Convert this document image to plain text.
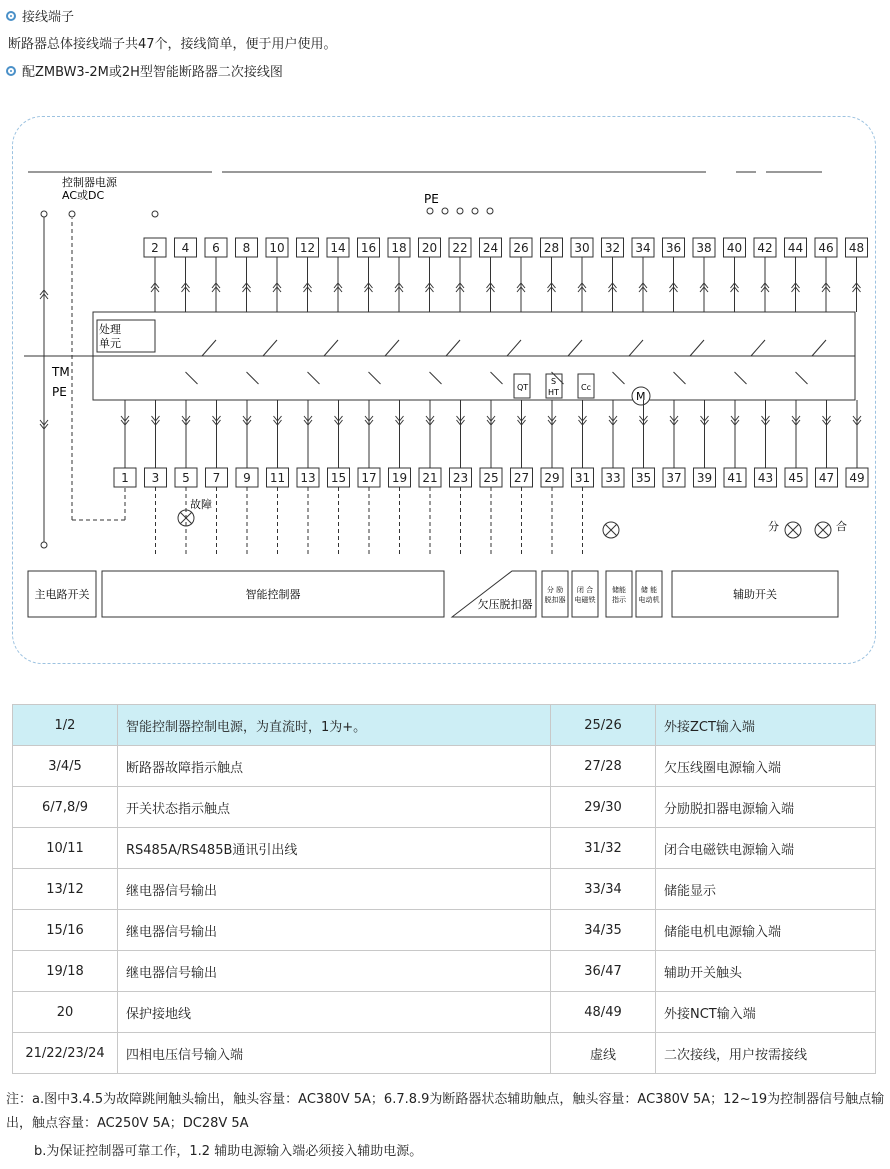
接线端子
断路器总体接线端子共47个，接线简单，便于用户使用。
配ZMBW3-2M或2H型智能断路器二次接线图
2 4 6 8 10 12 14 16 18 20 22 24 26 28 30 32 34 36 38 40 42 44 46 48
1 3 5 7 9 11 13 15 17 19 21 23 25 27 29 31 33 35 37 39 41 43 45 47 49
控制器电源
AC或DC	PE
处理
单元
TM
PE	QT
S
HT
Cc
M
故障
分	合
主电路开关	智能控制器
欠压脱扣器
分 励
脱扣器
闭 合
电磁铁
储能
指示
储 能
电动机	辅助开关
1/2	智能控制器控制电源，为直流时，1为+。	25/26	外接ZCT输入端
3/4/5	断路器故障指示触点	27/28	欠压线圈电源输入端
6/7,8/9	开关状态指示触点	29/30	分励脱扣器电源输入端
10/11	RS485A/RS485B通讯引出线	31/32	闭合电磁铁电源输入端
13/12	继电器信号输出	33/34	储能显示
15/16	继电器信号输出	34/35	储能电机电源输入端
19/18	继电器信号输出	36/47	辅助开关触头
20	保护接地线	48/49	外接NCT输入端
21/22/23/24	四相电压信号输入端	虚线	二次接线，用户按需接线
注：a.图中3.4.5为故障跳闸触头输出，触头容量：AC380V 5A；6.7.8.9为断路器状态辅助触点，触头容量：AC380V 5A；12~19为控制器信号触点输出，触点容量：AC250V 5A；DC28V 5A
b.为保证控制器可靠工作，1.2 辅助电源输入端必须接入辅助电源。
